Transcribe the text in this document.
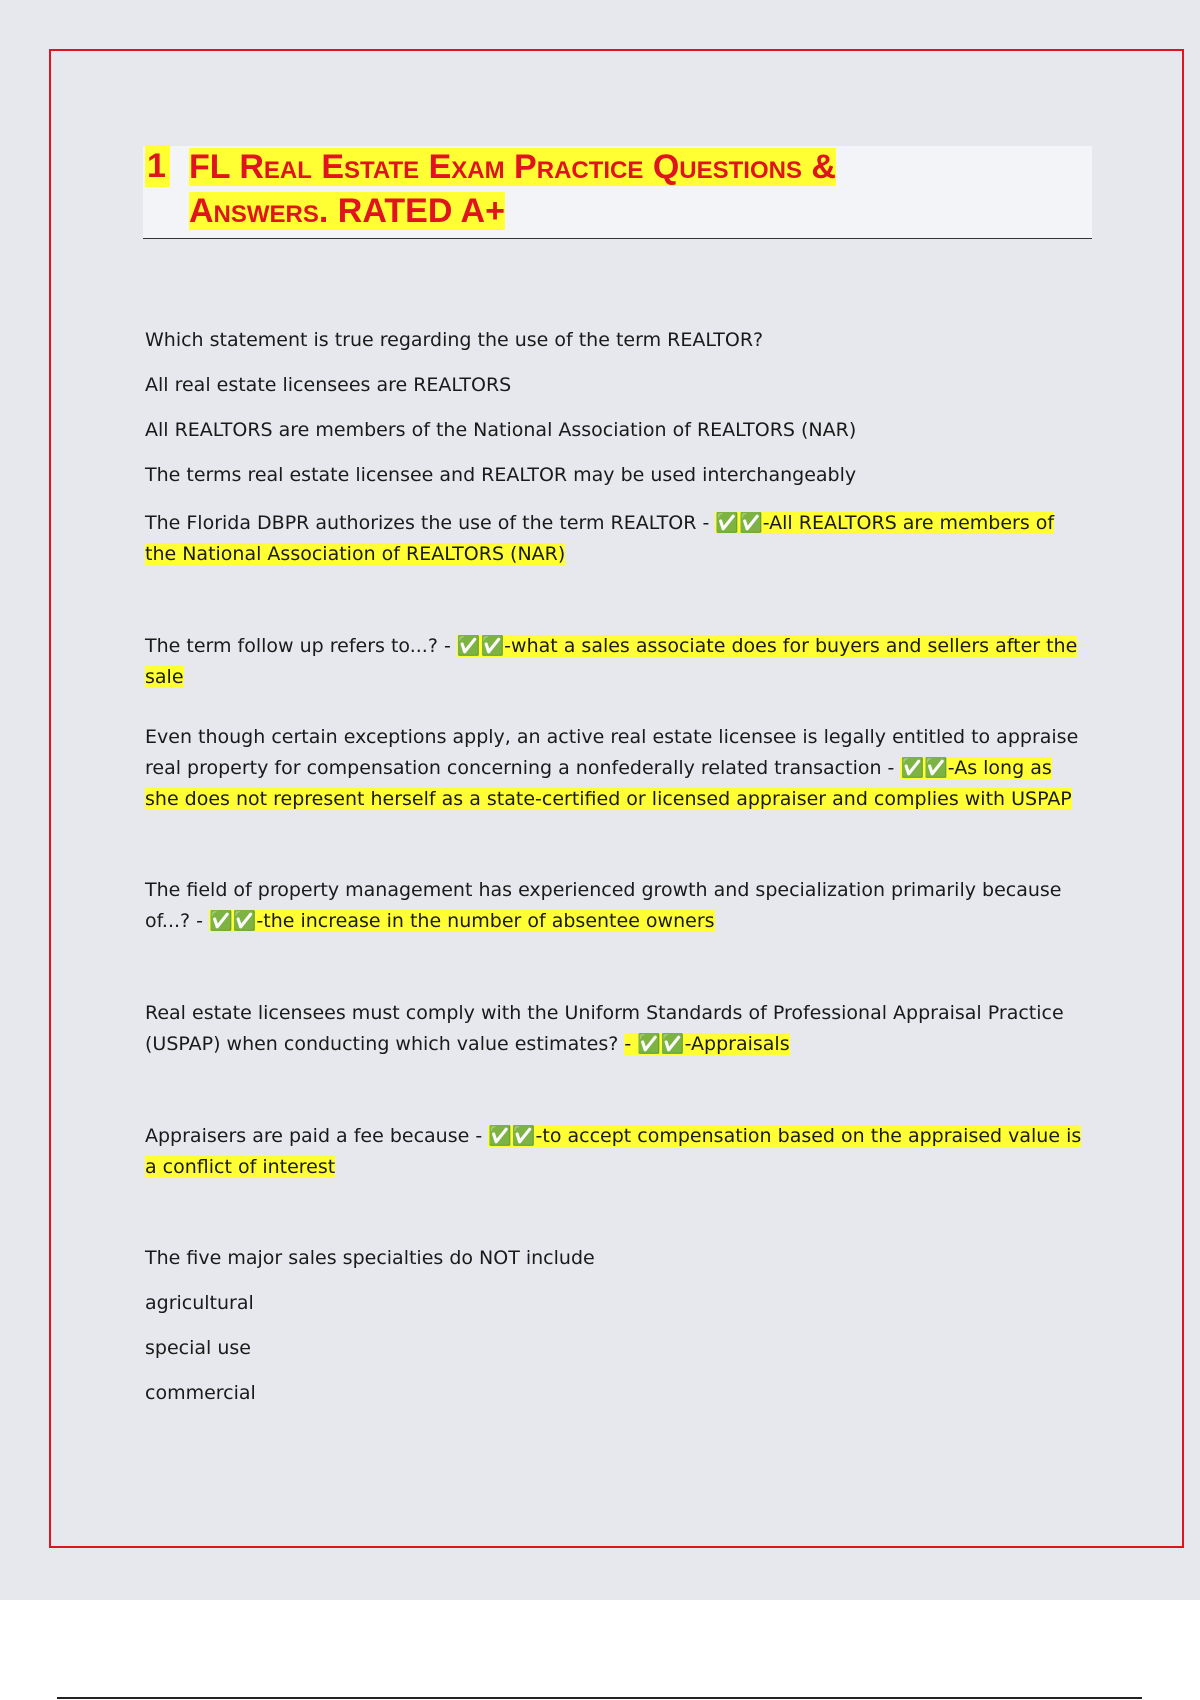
1 FL Real Estate Exam Practice Questions &
Answers. RATED A+

Which statement is true regarding the use of the term REALTOR?

All real estate licensees are REALTORS

All REALTORS are members of the National Association of REALTORS (NAR)

The terms real estate licensee and REALTOR may be used interchangeably

The Florida DBPR authorizes the use of the term REALTOR - ✅✅-All REALTORS are members of the National Association of REALTORS (NAR)

The term follow up refers to...? - ✅✅-what a sales associate does for buyers and sellers after the sale

Even though certain exceptions apply, an active real estate licensee is legally entitled to appraise real property for compensation concerning a nonfederally related transaction - ✅✅-As long as she does not represent herself as a state-certified or licensed appraiser and complies with USPAP

The field of property management has experienced growth and specialization primarily because of...? - ✅✅-the increase in the number of absentee owners

Real estate licensees must comply with the Uniform Standards of Professional Appraisal Practice (USPAP) when conducting which value estimates? - ✅✅-Appraisals

Appraisers are paid a fee because - ✅✅-to accept compensation based on the appraised value is a conflict of interest

The five major sales specialties do NOT include

agricultural

special use

commercial
